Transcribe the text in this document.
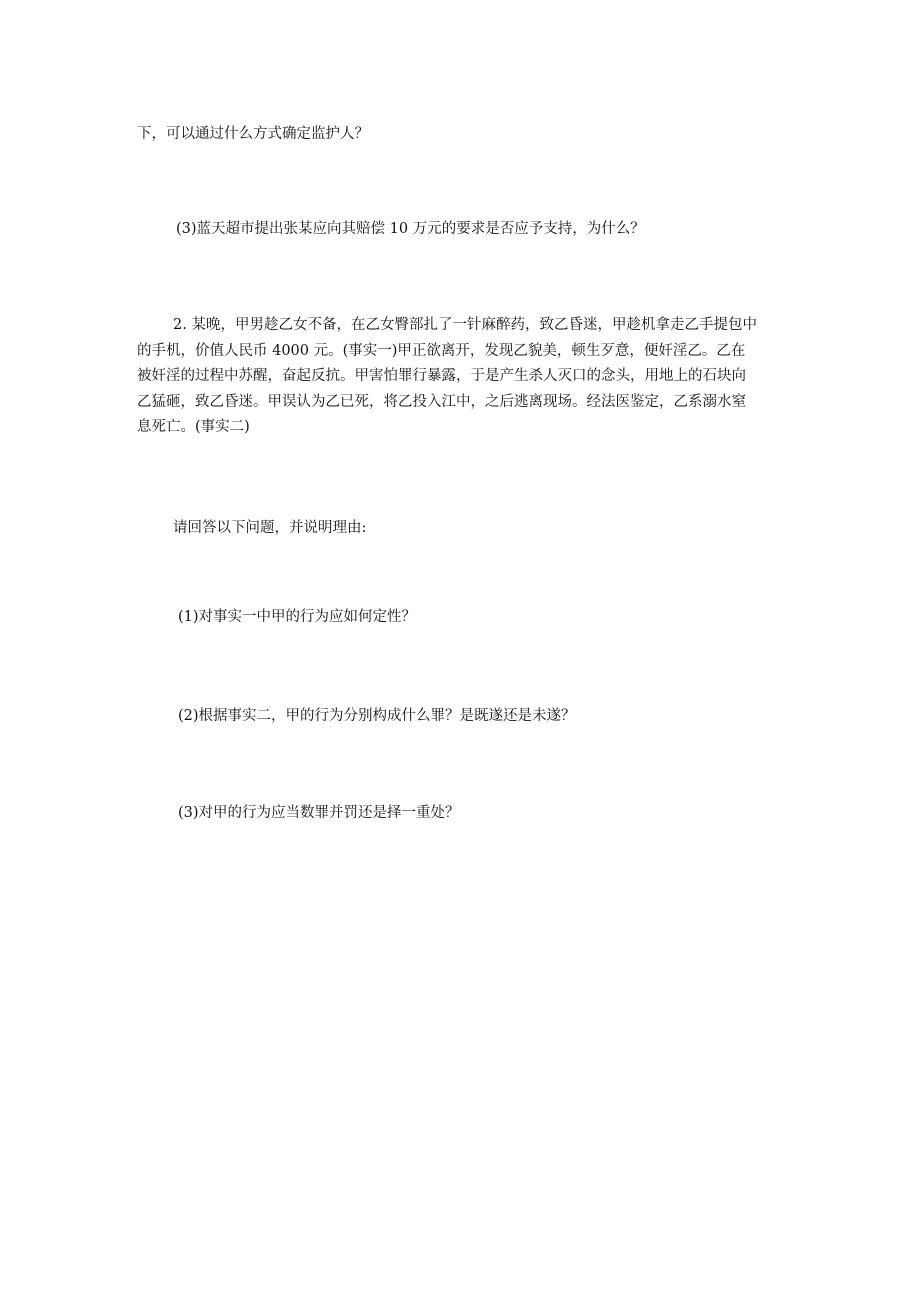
下，可以通过什么方式确定监护人？
(3)蓝天超市提出张某应向其赔偿 10 万元的要求是否应予支持，为什么？
2. 某晚，甲男趁乙女不备，在乙女臀部扎了一针麻醉药，致乙昏迷，甲趁机拿走乙手提包中
的手机，价值人民币 4000 元。(事实一)甲正欲离开，发现乙貌美，顿生歹意，便奸淫乙。乙在
被奸淫的过程中苏醒，奋起反抗。甲害怕罪行暴露，于是产生杀人灭口的念头，用地上的石块向
乙猛砸，致乙昏迷。甲误认为乙已死，将乙投入江中，之后逃离现场。经法医鉴定，乙系溺水窒
息死亡。(事实二)
请回答以下问题，并说明理由:
(1)对事实一中甲的行为应如何定性？
(2)根据事实二，甲的行为分别构成什么罪？是既遂还是未遂？
(3)对甲的行为应当数罪并罚还是择一重处？
